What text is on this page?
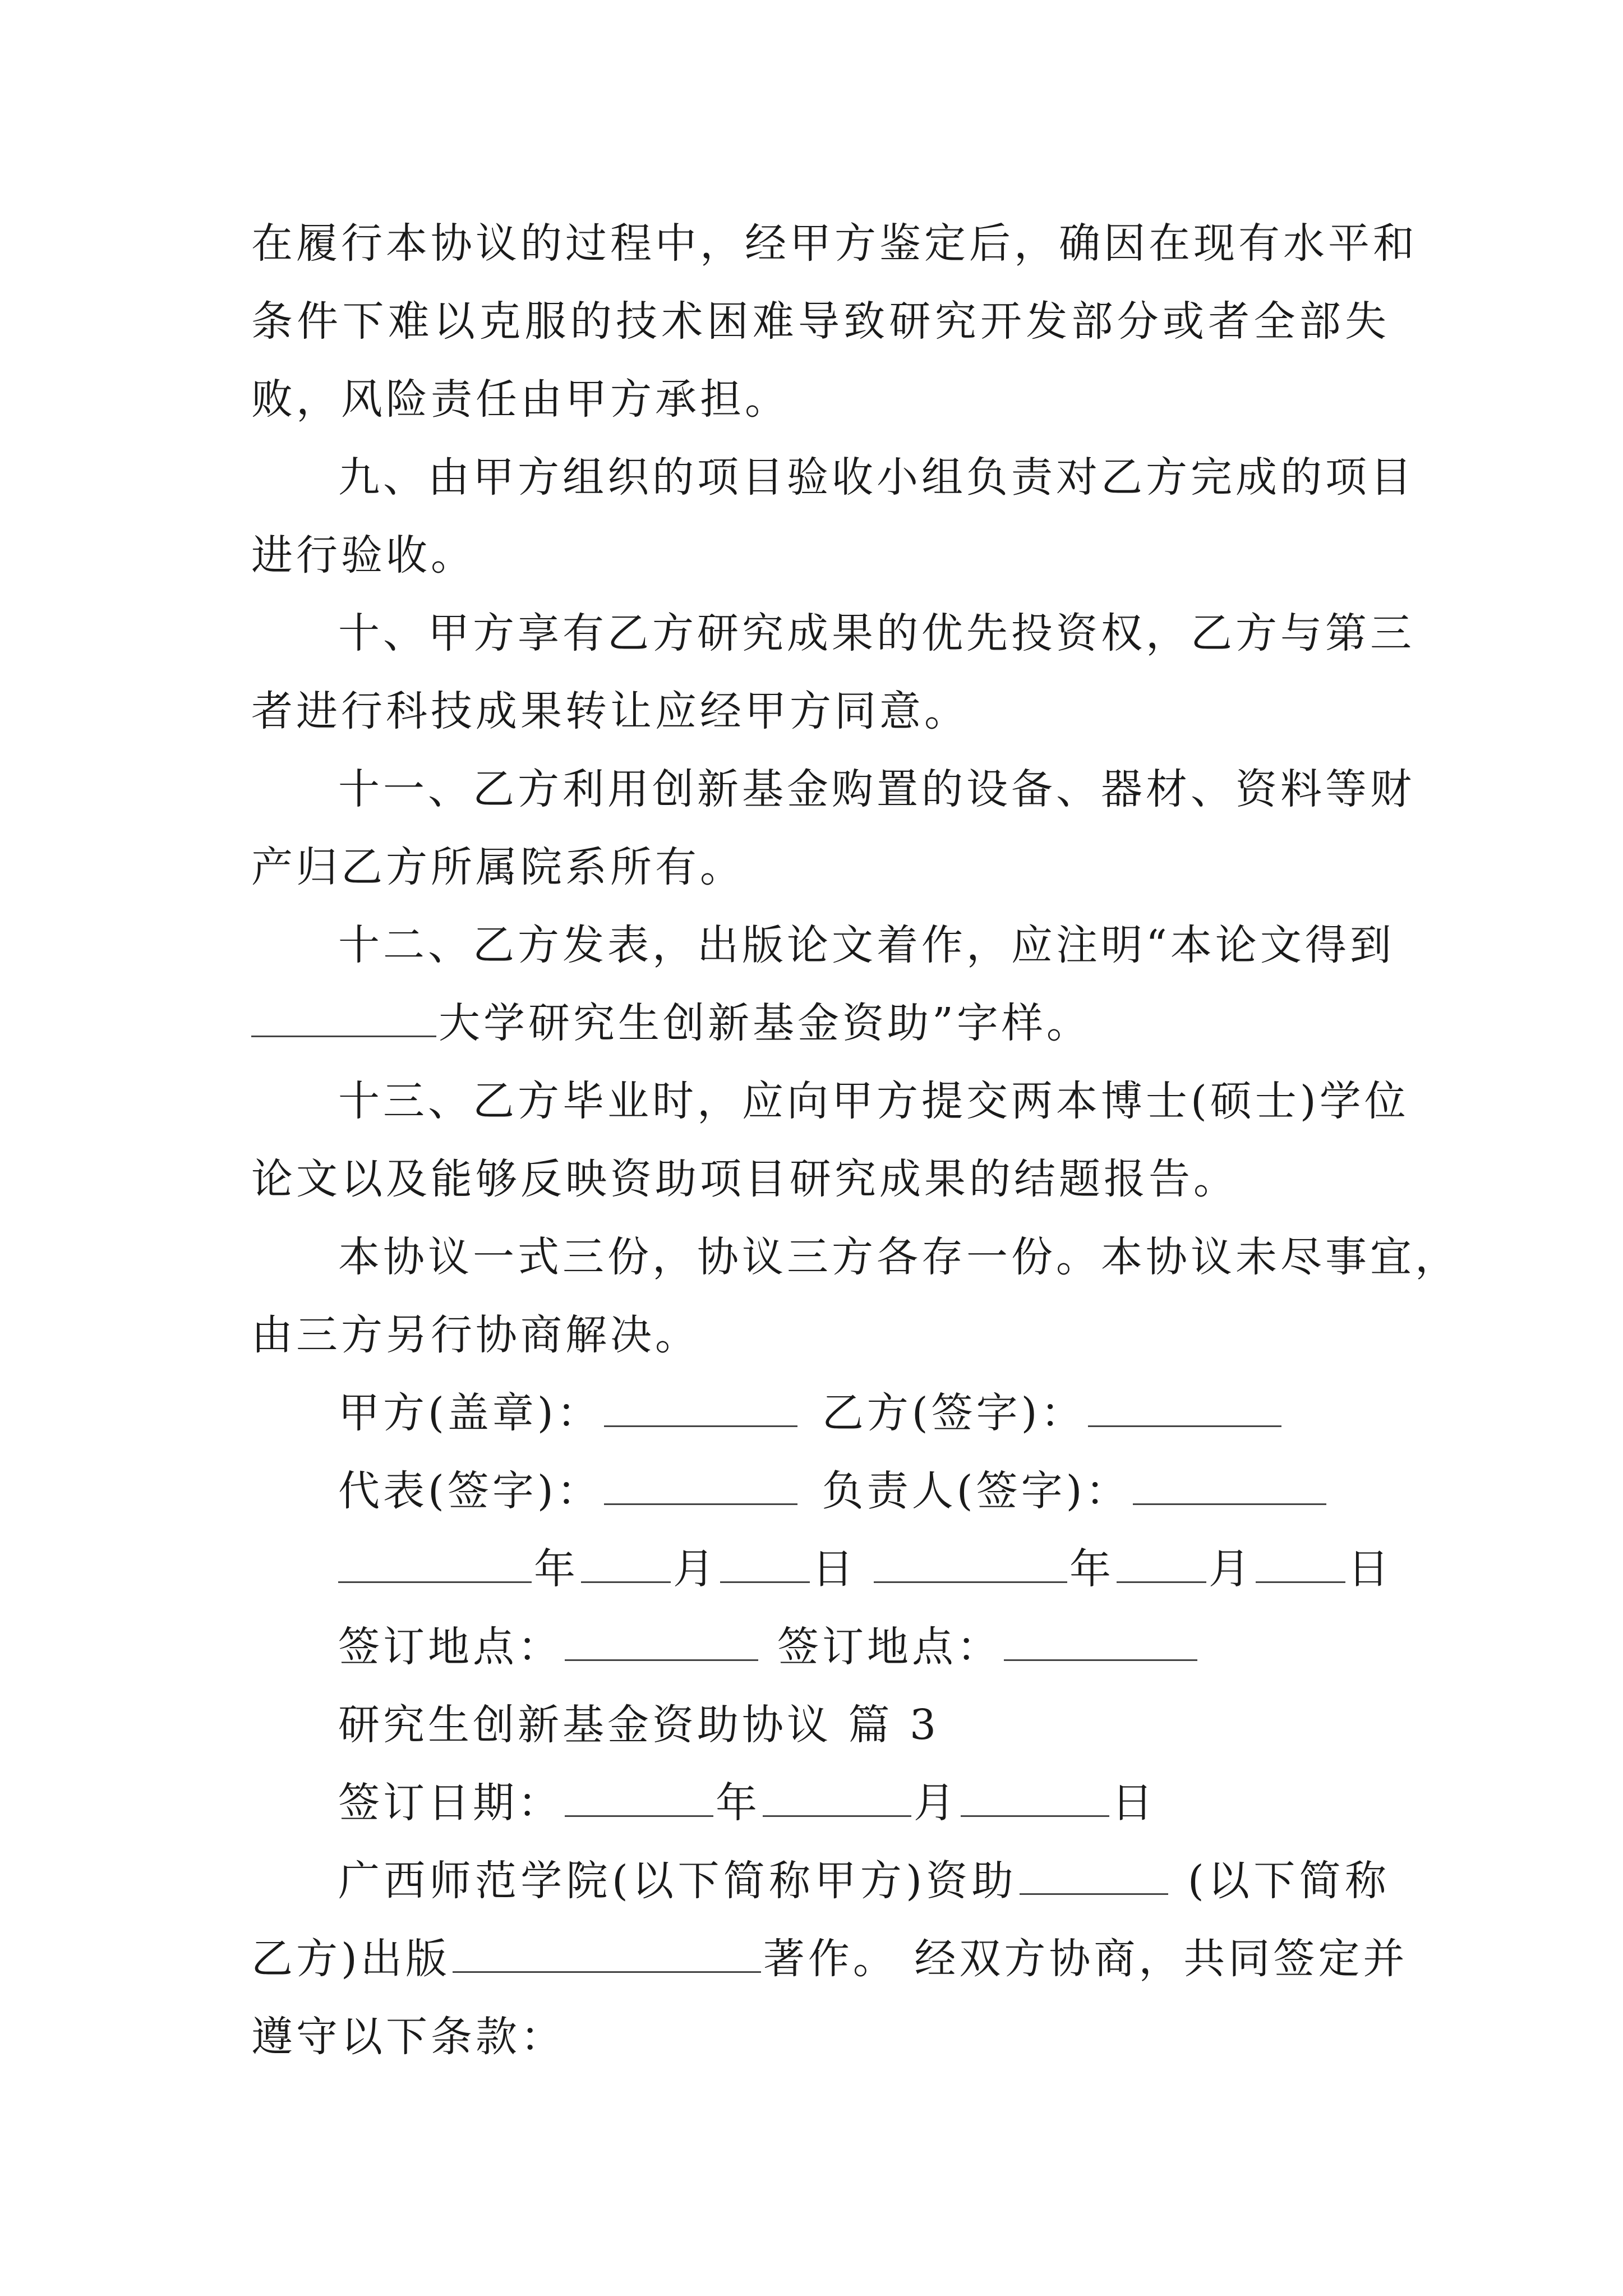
在履行本协议的过程中，经甲方鉴定后，确因在现有水平和
条件下难以克服的技术困难导致研究开发部分或者全部失
败，风险责任由甲方承担。
九、由甲方组织的项目验收小组负责对乙方完成的项目
进行验收。
十、甲方享有乙方研究成果的优先投资权，乙方与第三
者进行科技成果转让应经甲方同意。
十一、乙方利用创新基金购置的设备、器材、资料等财
产归乙方所属院系所有。
十二、乙方发表，出版论文着作，应注明“本论文得到
大学研究生创新基金资助”字样。
十三、乙方毕业时，应向甲方提交两本博士(硕士)学位
论文以及能够反映资助项目研究成果的结题报告。
本协议一式三份，协议三方各存一份。本协议未尽事宜，
由三方另行协商解决。
甲方(盖章)：	乙方(签字)：
代表(签字)：	负责人(签字)：
年 月 日	年 月 日
签订地点：	签订地点：
研究生创新基金资助协议 篇 3
签订日期：	年	月	日
广西师范学院(以下简称甲方)资助	(以下简称
乙方)出版	著作。 经双方协商，共同签定并
遵守以下条款：
